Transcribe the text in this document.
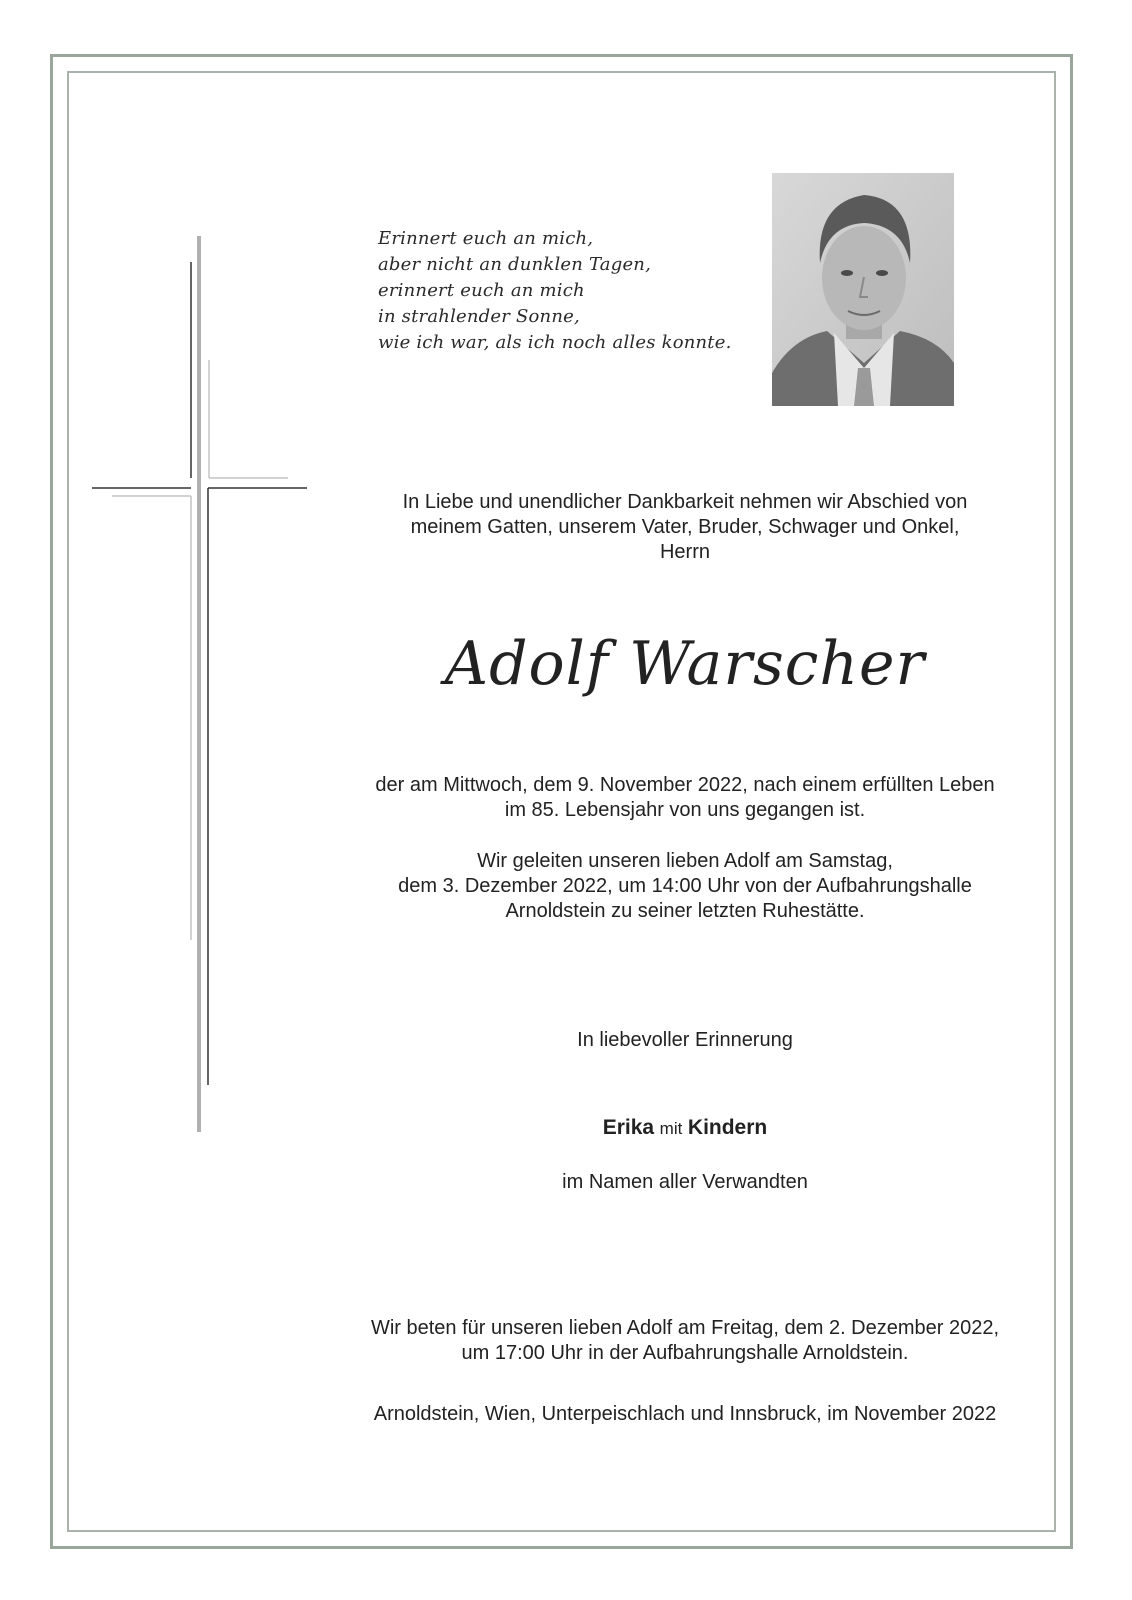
Erinnert euch an mich,
aber nicht an dunklen Tagen,
erinnert euch an mich
in strahlender Sonne,
wie ich war, als ich noch alles konnte.
In Liebe und unendlicher Dankbarkeit nehmen wir Abschied von
meinem Gatten, unserem Vater, Bruder, Schwager und Onkel,
Herrn
Adolf Warscher
der am Mittwoch, dem 9. November 2022, nach einem erfüllten Leben
im 85. Lebensjahr von uns gegangen ist.
Wir geleiten unseren lieben Adolf am Samstag,
dem 3. Dezember 2022, um 14:00 Uhr von der Aufbahrungshalle
Arnoldstein zu seiner letzten Ruhestätte.
In liebevoller Erinnerung
Erika mit Kindern
im Namen aller Verwandten
Wir beten für unseren lieben Adolf am Freitag, dem 2. Dezember 2022,
um 17:00 Uhr in der Aufbahrungshalle Arnoldstein.
Arnoldstein, Wien, Unterpeischlach und Innsbruck, im November 2022
